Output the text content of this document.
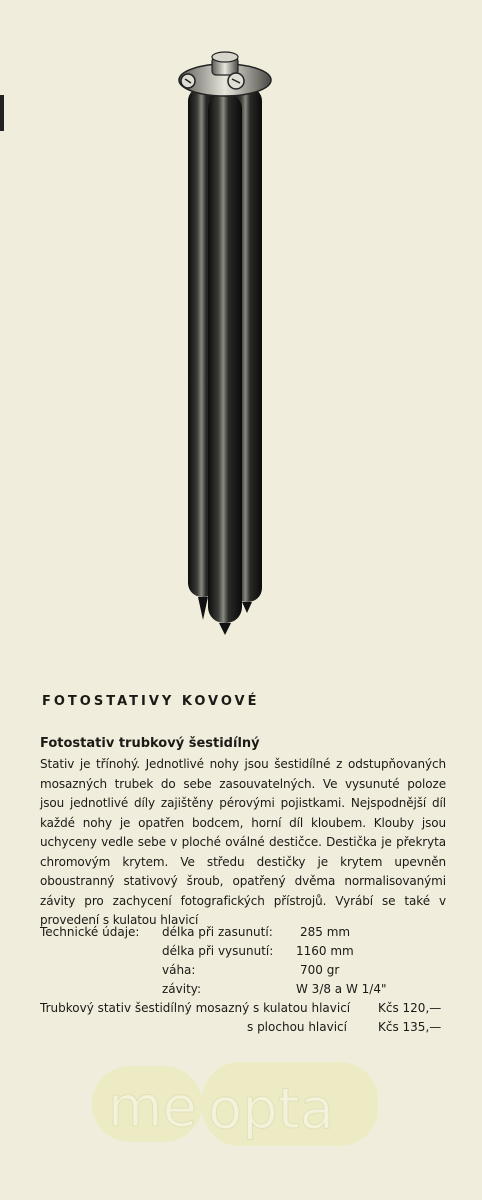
FOTOSTATIVY KOVOVÉ
Fotostativ trubkový šestidílný

Stativ je třínohý. Jednotlivé nohy jsou šestidílné z odstupňovaných mosazných trubek do sebe zasouvatelných. Ve vysunuté poloze jsou jednotlivé díly zajištěny pérovými pojistkami. Nejspodnější díl každé nohy je opatřen bodcem, horní díl kloubem. Klouby jsou uchyceny vedle sebe v ploché oválné destičce. Destička je překryta chromovým krytem. Ve středu destičky je krytem upevněn oboustranný stativový šroub, opatřený dvěma normalisovanými závity pro zachycení fotografických přístrojů. Vyrábí se také v provedení s kulatou hlavicí

Technické údaje: délka při zasunutí: 285 mm
délka při vysunutí: 1160 mm
váha:	700 gr
závity:	W 3/8 a W 1/4"
Trubkový stativ šestidílný mosazný s kulatou hlavicí Kčs 120,—
s plochou hlavicí	Kčs 135,—
me opta
